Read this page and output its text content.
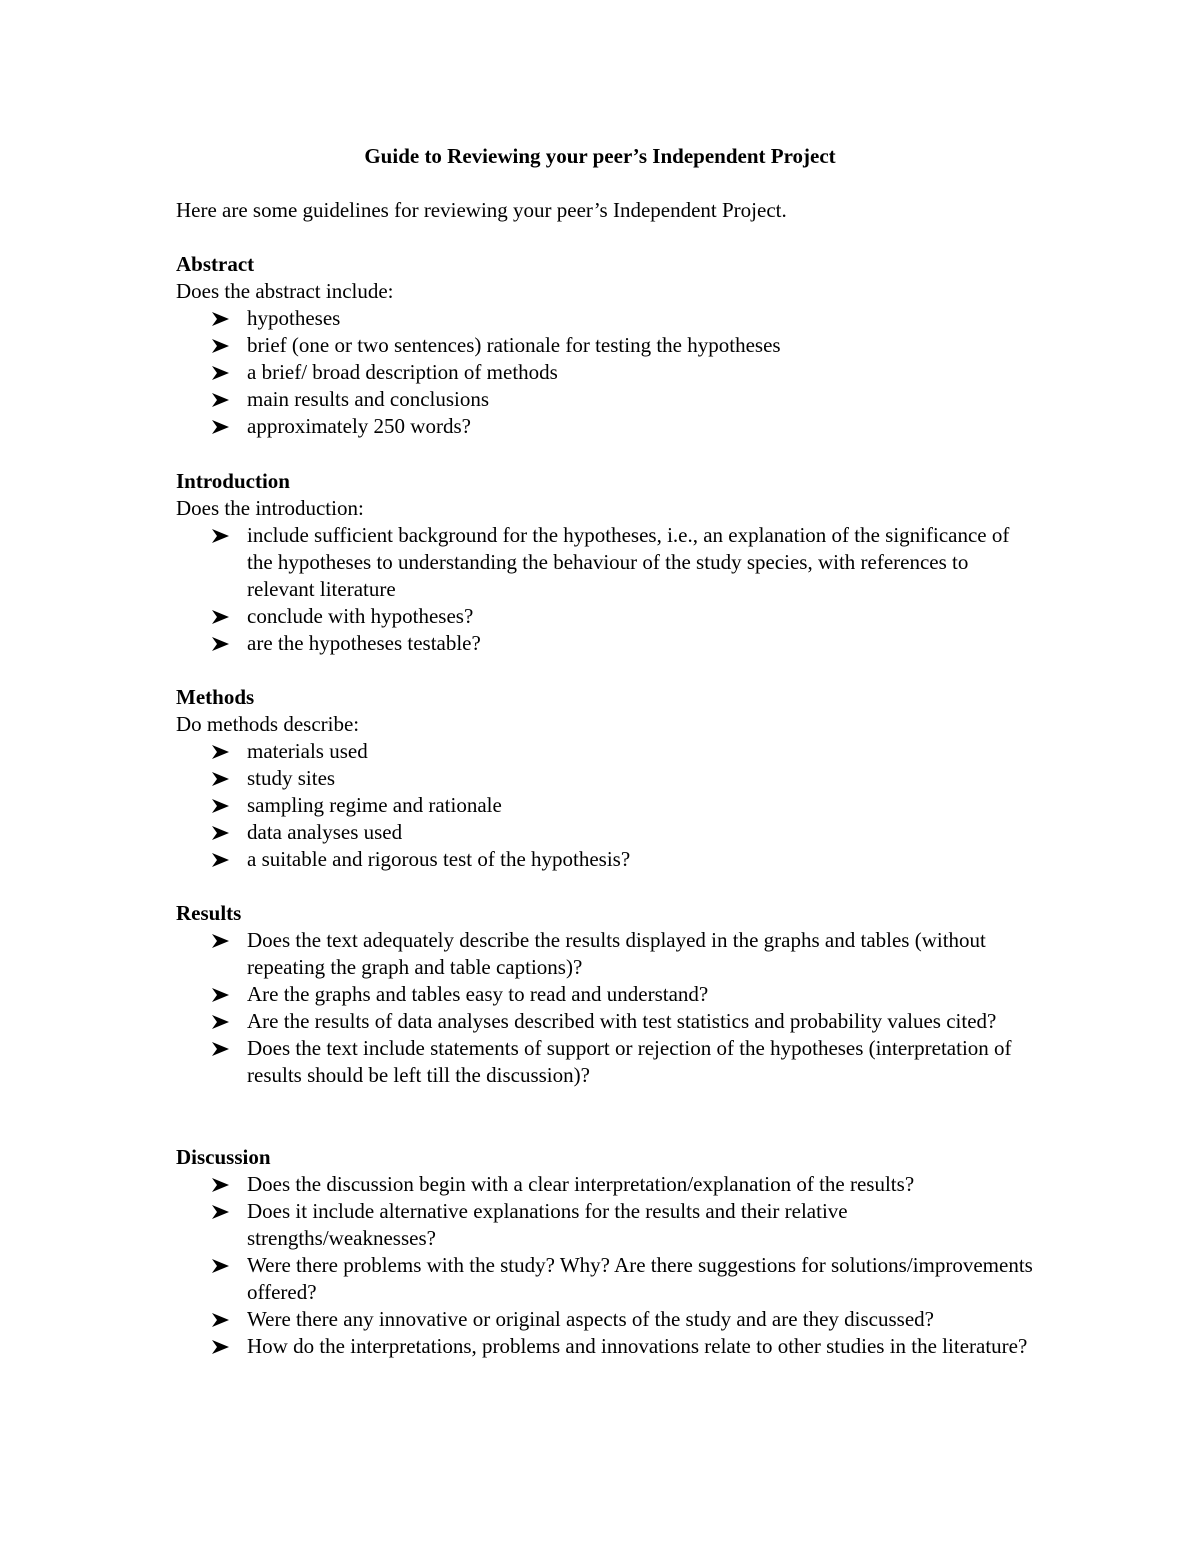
Guide to Reviewing your peer’s Independent Project
Here are some guidelines for reviewing your peer’s Independent Project.

Abstract

Does the abstract include:

hypotheses
brief (one or two sentences) rationale for testing the hypotheses
a brief/ broad description of methods
main results and conclusions
approximately 250 words?

Introduction

Does the introduction:

include sufficient background for the hypotheses, i.e., an explanation of the significance of the hypotheses to understanding the behaviour of the study species, with references to relevant literature
conclude with hypotheses?
are the hypotheses testable?

Methods

Do methods describe:

materials used
study sites
sampling regime and rationale
data analyses used
a suitable and rigorous test of the hypothesis?

Results

Does the text adequately describe the results displayed in the graphs and tables (without repeating the graph and table captions)?
Are the graphs and tables easy to read and understand?
Are the results of data analyses described with test statistics and probability values cited?
Does the text include statements of support or rejection of the hypotheses (interpretation of results should be left till the discussion)?

Discussion

Does the discussion begin with a clear interpretation/explanation of the results?
Does it include alternative explanations for the results and their relative strengths/weaknesses?
Were there problems with the study? Why? Are there suggestions for solutions/improvements offered?
Were there any innovative or original aspects of the study and are they discussed?
How do the interpretations, problems and innovations relate to other studies in the literature?
